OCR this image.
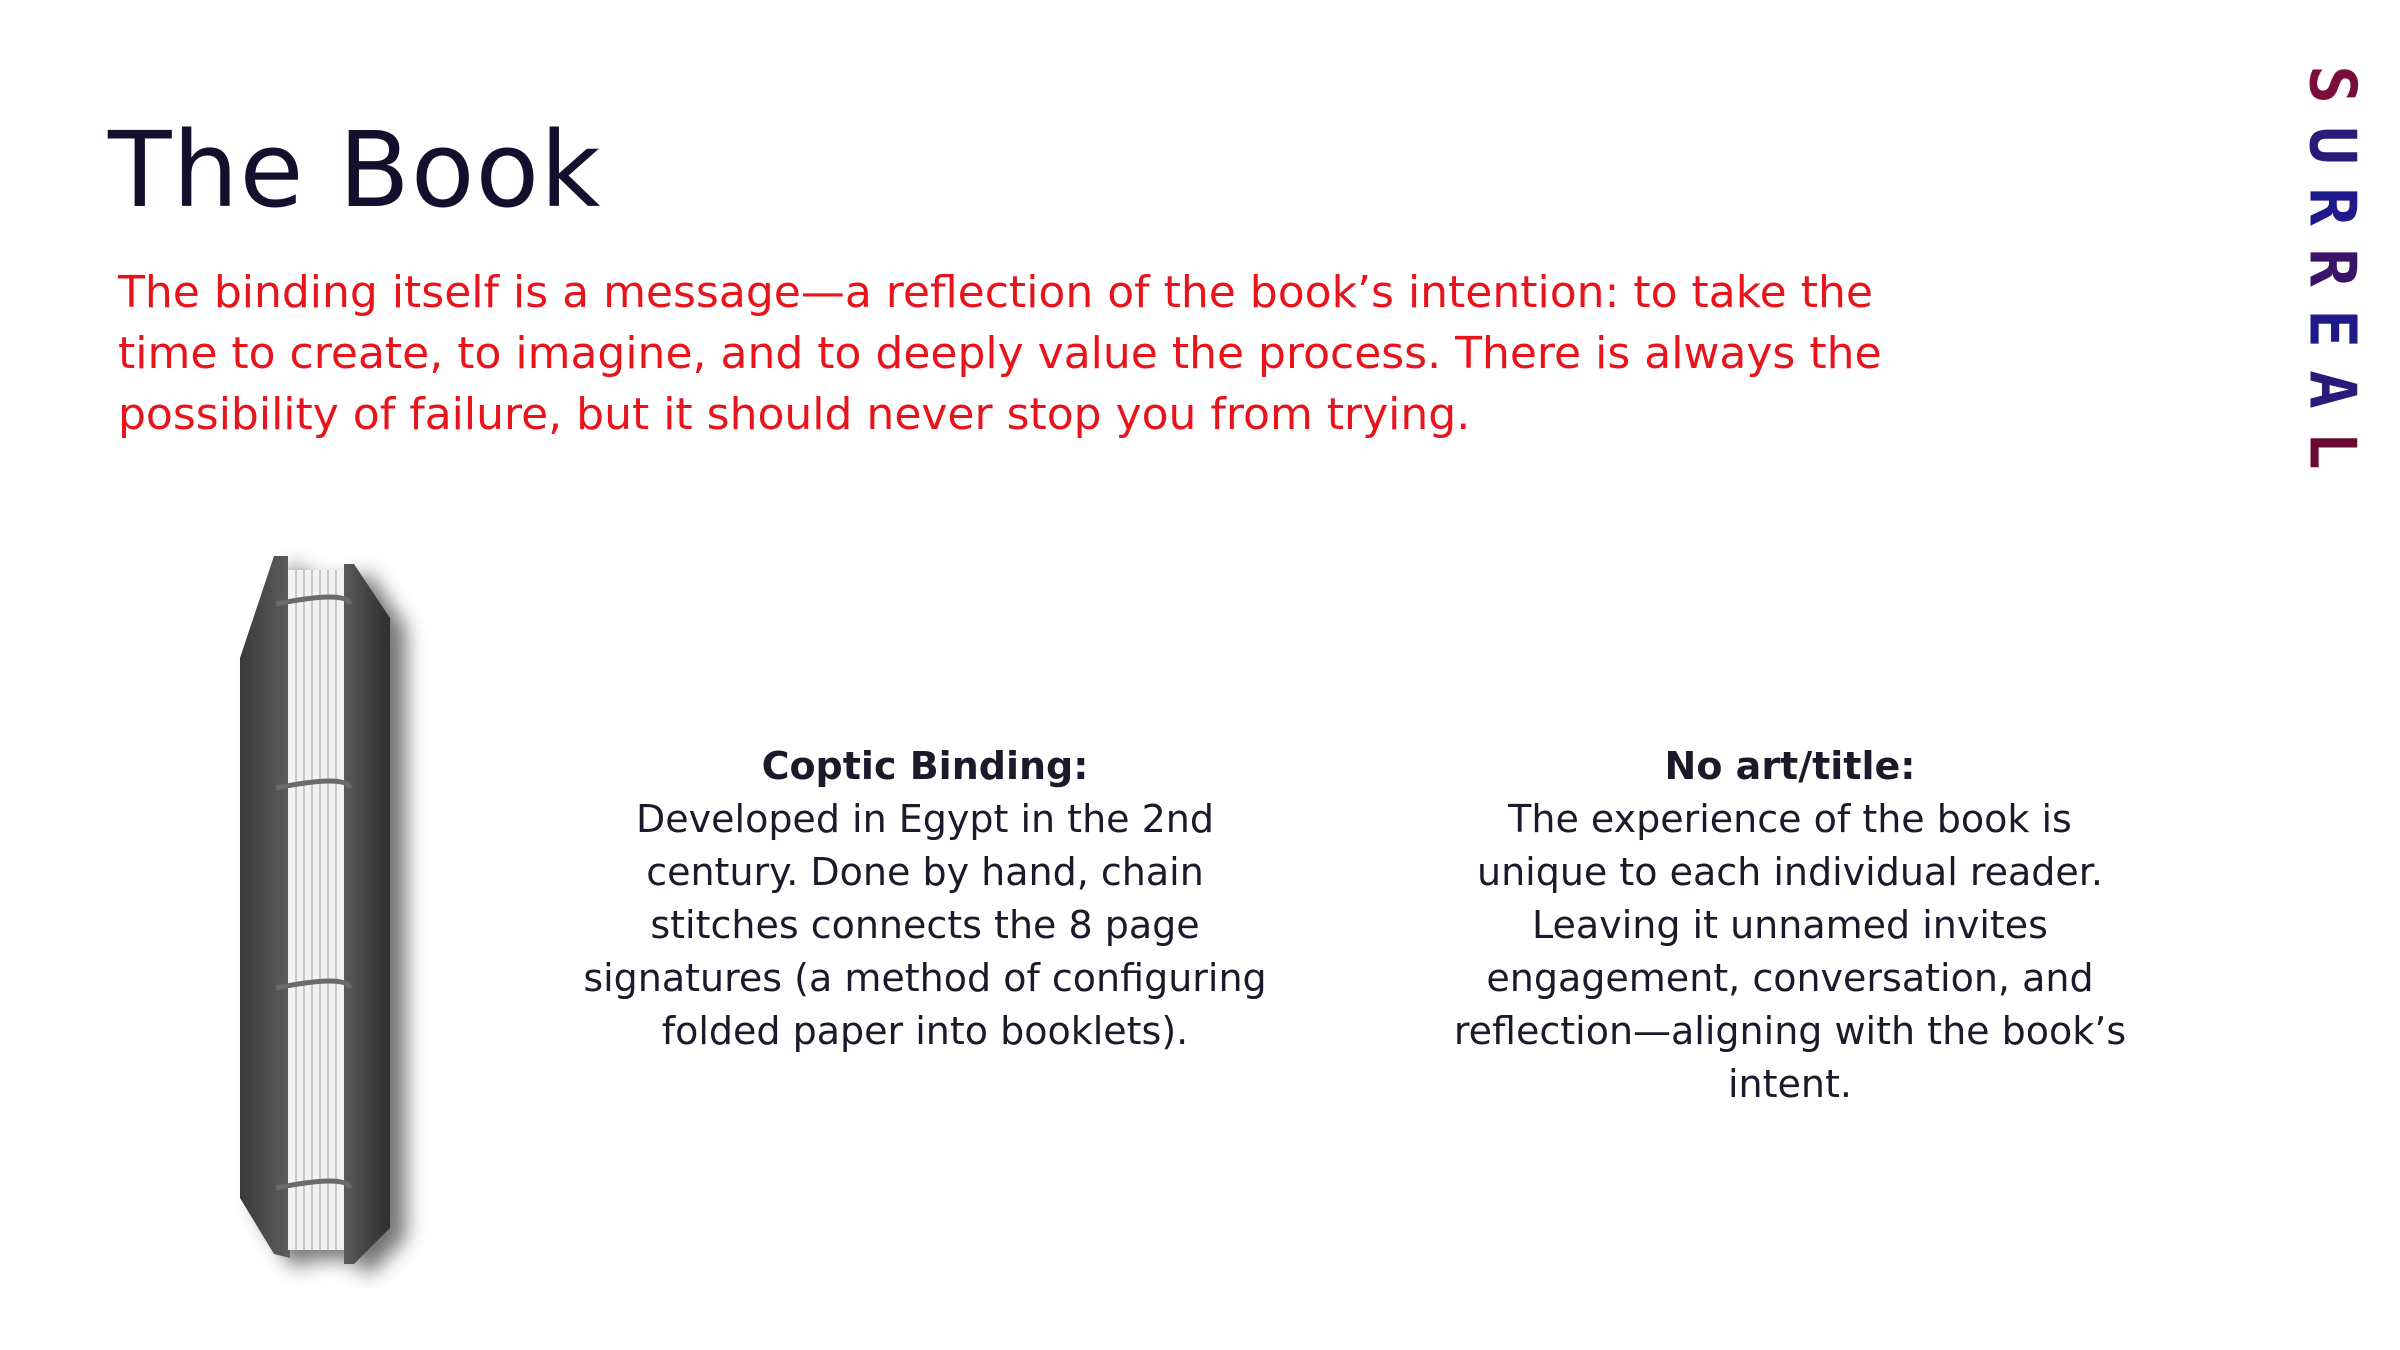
The Book

The binding itself is a message—a reflection of the book’s intention: to take the time to create, to imagine, and to deeply value the process. There is always the possibility of failure, but it should never stop you from trying.

S
U
R
R
E
A
L
Coptic Binding:
Developed in Egypt in the 2nd century. Done by hand, chain stitches connects the 8 page signatures (a method of configuring folded paper into booklets).
No art/title:
The experience of the book is unique to each individual reader. Leaving it unnamed invites engagement, conversation, and reflection—aligning with the book’s intent.
